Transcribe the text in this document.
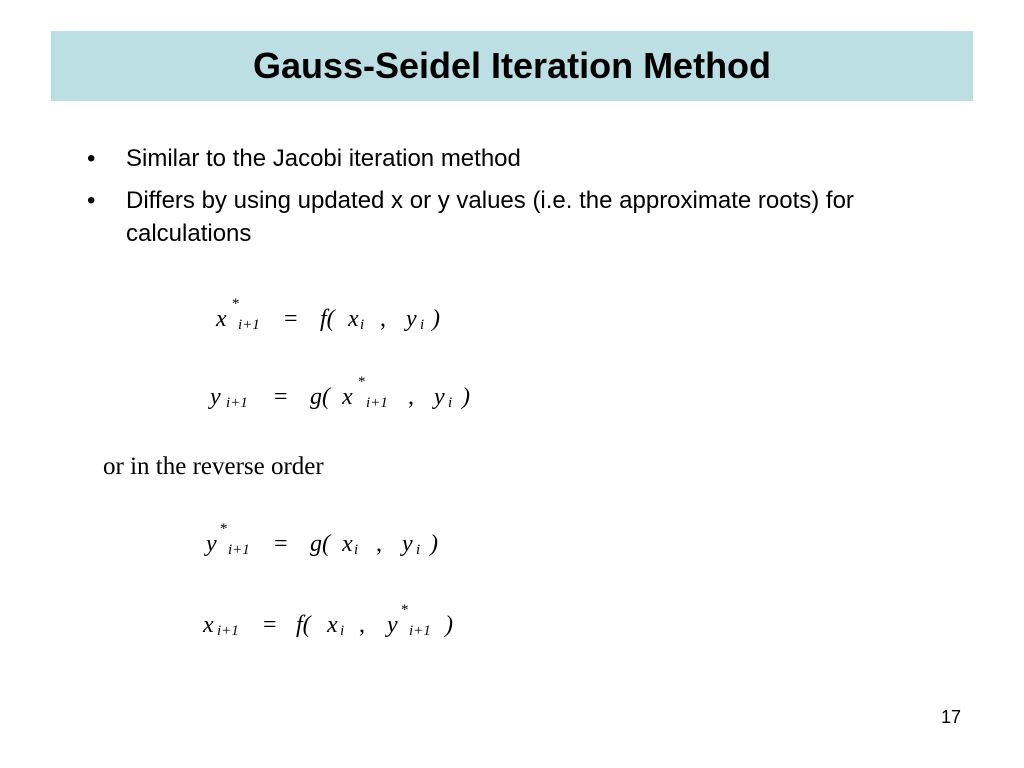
Gauss-Seidel Iteration Method
• Similar to the Jacobi iteration method
• Differs by using updated x or y values (i.e. the approximate roots) for calculations
x
*
i+1 = f( x i , y i )
y i+1 = g( x
*
i+1 , y i )
or in the reverse order
y
*
i+1 = g( x i , y i )
x i+1 = f( x i , y
*
i+1 )
17
